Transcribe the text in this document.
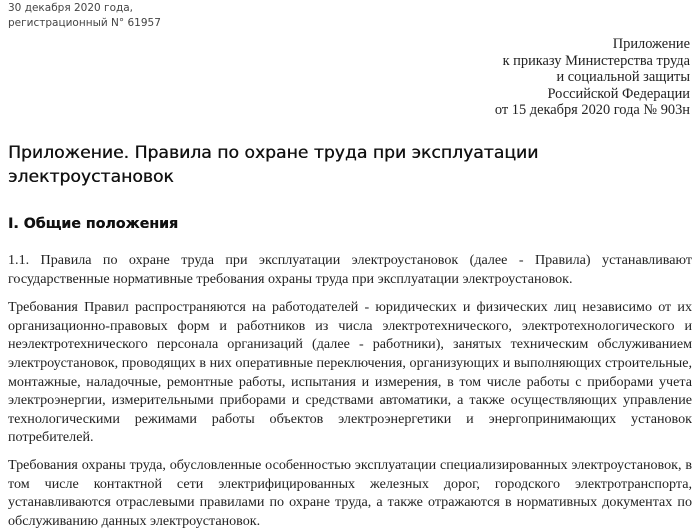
30 декабря 2020 года,
регистрационный N° 61957
Приложение
к приказу Министерства труда
и социальной защиты
Российской Федерации
от 15 декабря 2020 года № 903н
Приложение. Правила по охране труда при эксплуатации электроустановок
I. Общие положения

1.1. Правила по охране труда при эксплуатации электроустановок (далее - Правила) устанавливают государственные нормативные требования охраны труда при эксплуатации электроустановок.

Требования Правил распространяются на работодателей - юридических и физических лиц независимо от их организационно-правовых форм и работников из числа электротехнического, электротехнологического и неэлектротехнического персонала организаций (далее - работники), занятых техническим обслуживанием электроустановок, проводящих в них оперативные переключения, организующих и выполняющих строительные, монтажные, наладочные, ремонтные работы, испытания и измерения, в том числе работы с приборами учета электроэнергии, измерительными приборами и средствами автоматики, а также осуществляющих управление технологическими режимами работы объектов электроэнергетики и энергопринимающих установок потребителей.

Требования охраны труда, обусловленные особенностью эксплуатации специализированных электроустановок, в том числе контактной сети электрифицированных железных дорог, городского электротранспорта, устанавливаются отраслевыми правилами по охране труда, а также отражаются в нормативных документах по обслуживанию данных электроустановок.
